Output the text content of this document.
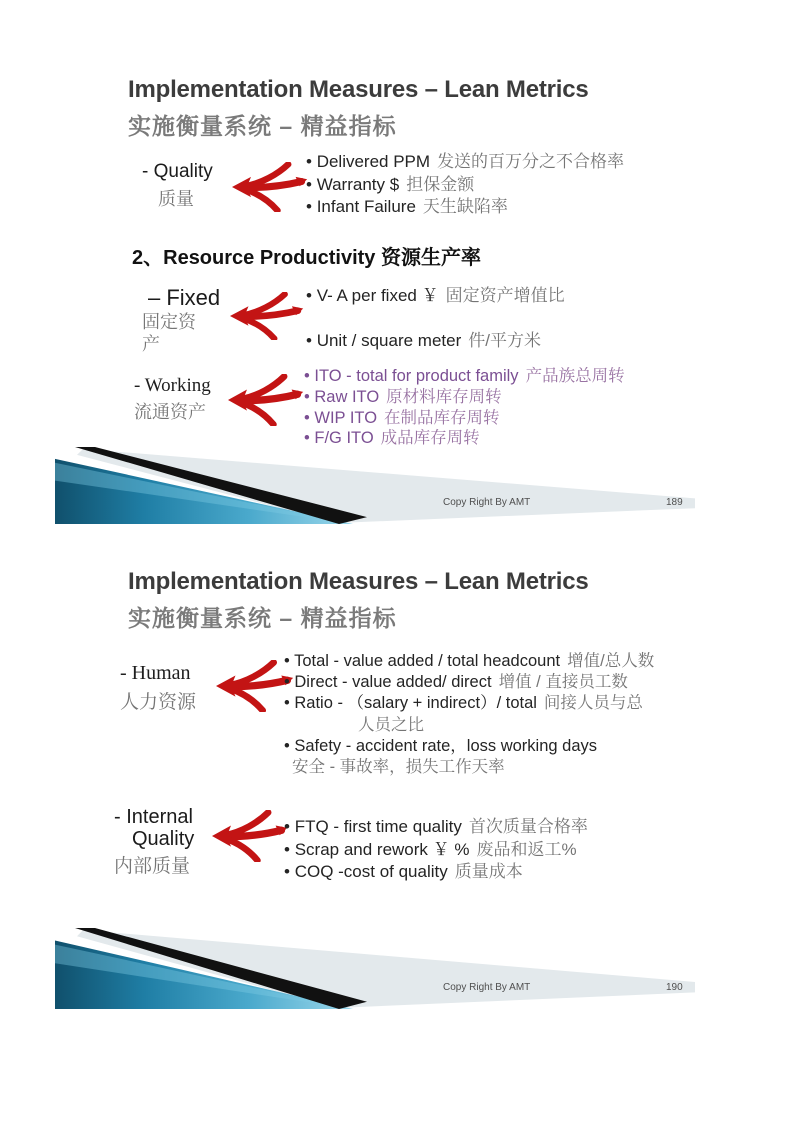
Implementation Measures – Lean Metrics
实施衡量系统 – 精益指标
- Quality
质量
• Delivered PPM 发送的百万分之不合格率
• Warranty $ 担保金额
• Infant Failure 天生缺陷率
2、Resource Productivity 资源生产率
– Fixed
固定资产
• V- A per fixed ￥ 固定资产增值比
• Unit / square meter 件/平方米
- Working
流通资产
• ITO - total for product family 产品族总周转
• Raw ITO 原材料库存周转
• WIP ITO 在制品库存周转
• F/G ITO 成品库存周转
Copy Right By AMT	189
Implementation Measures – Lean Metrics
实施衡量系统 – 精益指标
- Human
人力资源
• Total - value added / total headcount 增值/总人数
• Direct - value added/ direct 增值 / 直接员工数
• Ratio - （salary + indirect）/ total 间接人员与总
人员之比
• Safety - accident rate，loss working days
安全 - 事故率，损失工作天率
- Internal
Quality
内部质量
• FTQ - first time quality 首次质量合格率
• Scrap and rework ￥ % 废品和返工%
• COQ -cost of quality 质量成本
Copy Right By AMT	190
